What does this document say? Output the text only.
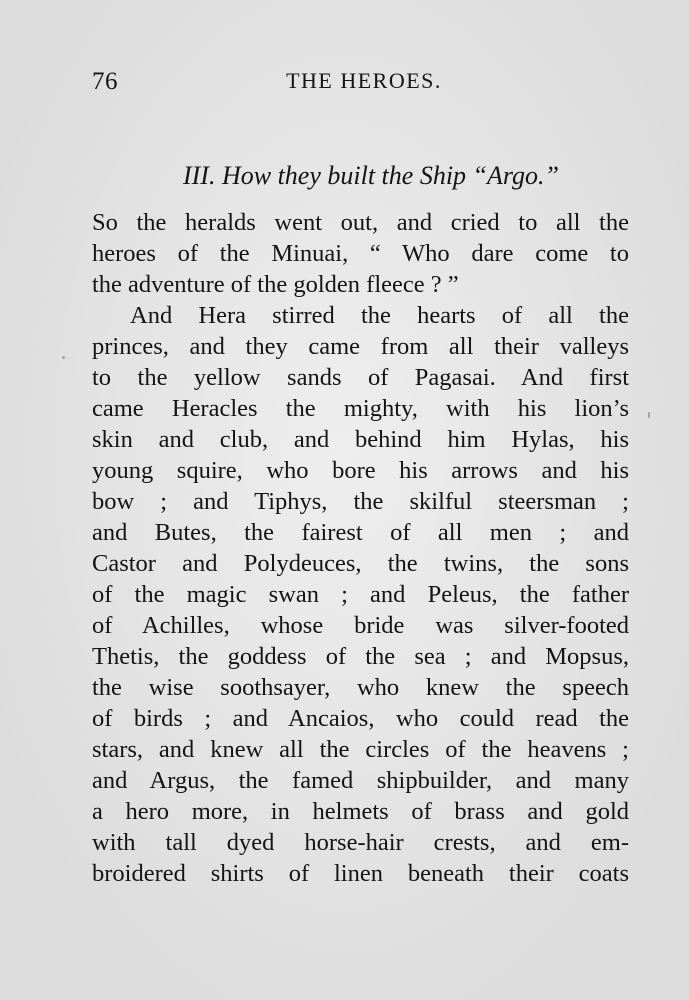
76	THE HEROES.
III. How they built the Ship “Argo.”

So the heralds went out, and cried to all the
heroes of the Minuai, “ Who dare come to
the adventure of the golden fleece ? ”
And Hera stirred the hearts of all the
princes, and they came from all their valleys
to the yellow sands of Pagasai. And first
came Heracles the mighty, with his lion’s
skin and club, and behind him Hylas, his
young squire, who bore his arrows and his
bow ; and Tiphys, the skilful steersman ;
and Butes, the fairest of all men ; and
Castor and Polydeuces, the twins, the sons
of the magic swan ; and Peleus, the father
of Achilles, whose bride was silver-footed
Thetis, the goddess of the sea ; and Mopsus,
the wise soothsayer, who knew the speech
of birds ; and Ancaios, who could read the
stars, and knew all the circles of the heavens ;
and Argus, the famed shipbuilder, and many
a hero more, in helmets of brass and gold
with tall dyed horse-hair crests, and em-
broidered shirts of linen beneath their coats
